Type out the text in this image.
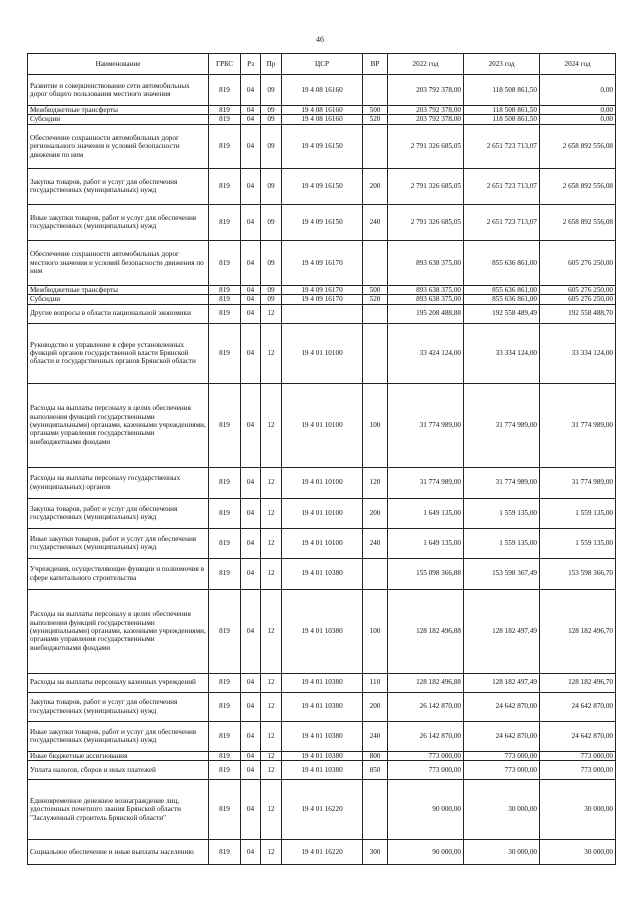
46
Наименование	ГРБС	Рз	Пр	ЦСР	ВР	2022 год	2023 год	2024 год
Развитие и совершенствование сети автомобильных дорог общего пользования местного значения	819	04	09	19 4 08 16160		203 792 378,00	118 508 861,50	0,00
Межбюджетные трансферты	819	04	09	19 4 08 16160	500	203 792 378,00	118 508 861,50	0,00
Субсидии	819	04	09	19 4 08 16160	520	203 792 378,00	118 508 861,50	0,00
Обеспечение сохранности автомобильных дорог регионального значения и условий безопасности движения по ним	819	04	09	19 4 09 16150		2 791 326 685,05	2 651 723 713,07	2 658 892 556,08
Закупка товаров, работ и услуг для обеспечения государственных (муниципальных) нужд	819	04	09	19 4 09 16150	200	2 791 326 685,05	2 651 723 713,07	2 658 892 556,08
Иные закупки товаров, работ и услуг для обеспечения государственных (муниципальных) нужд	819	04	09	19 4 09 16150	240	2 791 326 685,05	2 651 723 713,07	2 658 892 556,08
Обеспечение сохранности автомобильных дорог местного значения и условий безопасности движения по ним	819	04	09	19 4 09 16170		893 638 375,00	855 636 861,00	605 276 250,00
Межбюджетные трансферты	819	04	09	19 4 09 16170	500	893 638 375,00	855 636 861,00	605 276 250,00
Субсидии	819	04	09	19 4 09 16170	520	893 638 375,00	855 636 861,00	605 276 250,00
Другие вопросы в области национальной экономики	819	04	12			195 208 488,88	192 558 489,49	192 558 488,70
Руководство и управление в сфере установленных функций органов государственной власти Брянской области и государственных органов Брянской области	819	04	12	19 4 01 10100		33 424 124,00	33 334 124,00	33 334 124,00
Расходы на выплаты персоналу в целях обеспечения выполнения функций государственными (муниципальными) органами, казенными учреждениями, органами управления государственными внебюджетными фондами	819	04	12	19 4 01 10100	100	31 774 989,00	31 774 989,00	31 774 989,00
Расходы на выплаты персоналу государственных (муниципальных) органов	819	04	12	19 4 01 10100	120	31 774 989,00	31 774 989,00	31 774 989,00
Закупка товаров, работ и услуг для обеспечения государственных (муниципальных) нужд	819	04	12	19 4 01 10100	200	1 649 135,00	1 559 135,00	1 559 135,00
Иные закупки товаров, работ и услуг для обеспечения государственных (муниципальных) нужд	819	04	12	19 4 01 10100	240	1 649 135,00	1 559 135,00	1 559 135,00
Учреждения, осуществляющие функции и полномочия в сфере капитального строительства	819	04	12	19 4 01 10380		155 098 366,88	153 598 367,49	153 598 366,70
Расходы на выплаты персоналу в целях обеспечения выполнения функций государственными (муниципальными) органами, казенными учреждениями, органами управления государственными внебюджетными фондами	819	04	12	19 4 01 10380	100	128 182 496,88	128 182 497,49	128 182 496,70
Расходы на выплаты персоналу казенных учреждений	819	04	12	19 4 01 10380	110	128 182 496,88	128 182 497,49	128 182 496,70
Закупка товаров, работ и услуг для обеспечения государственных (муниципальных) нужд	819	04	12	19 4 01 10380	200	26 142 870,00	24 642 870,00	24 642 870,00
Иные закупки товаров, работ и услуг для обеспечения государственных (муниципальных) нужд	819	04	12	19 4 01 10380	240	26 142 870,00	24 642 870,00	24 642 870,00
Иные бюджетные ассигнования	819	04	12	19 4 01 10380	800	773 000,00	773 000,00	773 000,00
Уплата налогов, сборов и иных платежей	819	04	12	19 4 01 10380	850	773 000,00	773 000,00	773 000,00
Единовременное денежное вознаграждение лиц, удостоенных почетного звания Брянской области "Заслуженный строитель Брянской области"	819	04	12	19 4 01 16220		90 000,00	30 000,00	30 000,00
Социальное обеспечение и иные выплаты населению	819	04	12	19 4 01 16220	300	90 000,00	30 000,00	30 000,00
